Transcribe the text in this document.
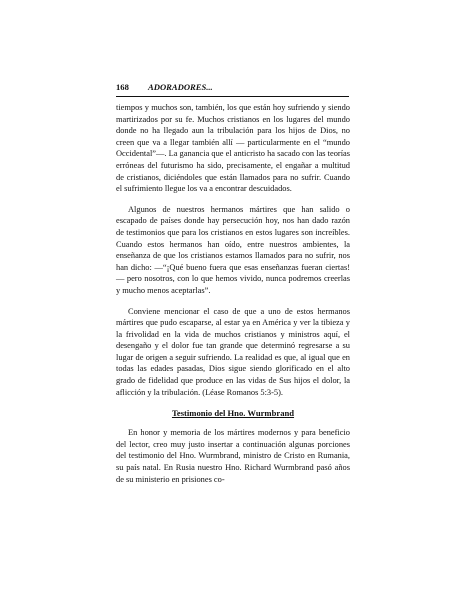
168 ADORADORES...

tiempos y muchos son, también, los que están hoy sufriendo y siendo martirizados por su fe. Muchos cristianos en los lugares del mundo donde no ha llegado aun la tribulación para los hijos de Dios, no creen que va a llegar también allí — particularmente en el “mundo Occidental”—. La ganancia que el anticristo ha sacado con las teorías erróneas del futurismo ha sido, precisamente, el engañar a multitud de cristianos, diciéndoles que están llamados para no sufrir. Cuando el sufrimiento llegue los va a encontrar descuidados.

Algunos de nuestros hermanos mártires que han salido o escapado de países donde hay persecución hoy, nos han dado razón de testimonios que para los cristianos en estos lugares son increíbles. Cuando estos hermanos han oído, entre nuestros ambientes, la enseñanza de que los cristianos estamos llamados para no sufrir, nos han dicho: —“¡Qué bueno fuera que esas enseñanzas fueran ciertas!— pero nosotros, con lo que hemos vivido, nunca podremos creerlas y mucho menos aceptarlas”.

Conviene mencionar el caso de que a uno de estos hermanos mártires que pudo escaparse, al estar ya en América y ver la tibieza y la frivolidad en la vida de muchos cristianos y ministros aquí, el desengaño y el dolor fue tan grande que determinó regresarse a su lugar de origen a seguir sufriendo. La realidad es que, al igual que en todas las edades pasadas, Dios sigue siendo glorificado en el alto grado de fidelidad que produce en las vidas de Sus hijos el dolor, la aflicción y la tribulación. (Léase Romanos 5:3-5).

Testimonio del Hno. Wurmbrand

En honor y memoria de los mártires modernos y para beneficio del lector, creo muy justo insertar a continuación algunas porciones del testimonio del Hno. Wurmbrand, ministro de Cristo en Rumania, su país natal. En Rusia nuestro Hno. Richard Wurmbrand pasó años de su ministerio en prisiones co-
